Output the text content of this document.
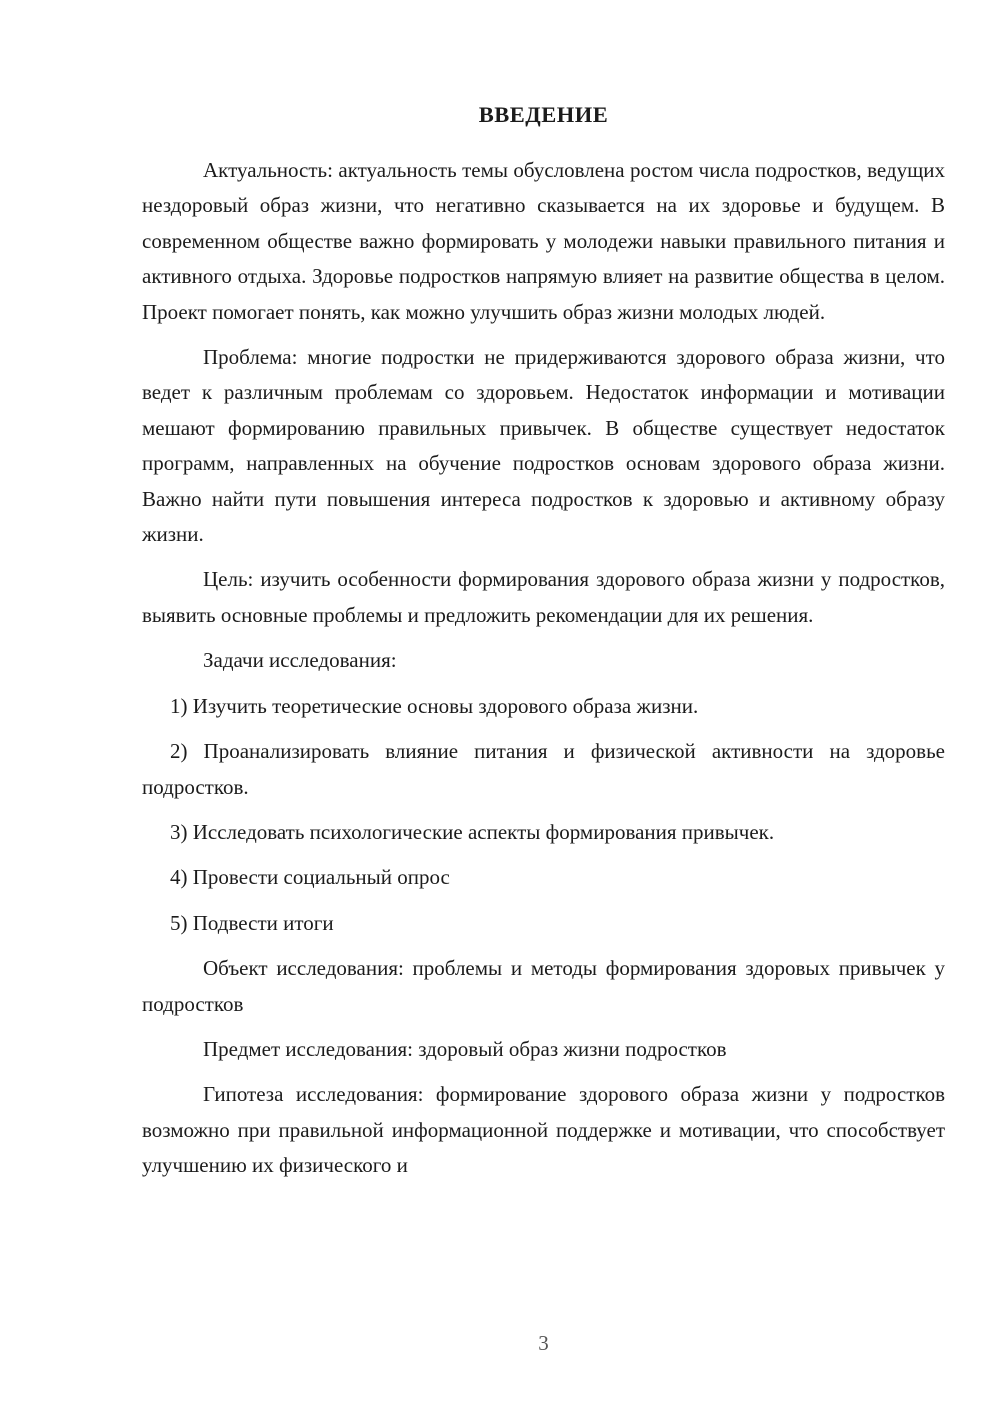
ВВЕДЕНИЕ

Актуальность: актуальность темы обусловлена ростом числа подростков, ведущих нездоровый образ жизни, что негативно сказывается на их здоровье и будущем. В современном обществе важно формировать у молодежи навыки правильного питания и активного отдыха. Здоровье подростков напрямую влияет на развитие общества в целом. Проект помогает понять, как можно улучшить образ жизни молодых людей.

Проблема: многие подростки не придерживаются здорового образа жизни, что ведет к различным проблемам со здоровьем. Недостаток информации и мотивации мешают формированию правильных привычек. В обществе существует недостаток программ, направленных на обучение подростков основам здорового образа жизни. Важно найти пути повышения интереса подростков к здоровью и активному образу жизни.

Цель: изучить особенности формирования здорового образа жизни у подростков, выявить основные проблемы и предложить рекомендации для их решения.

Задачи исследования:

1) Изучить теоретические основы здорового образа жизни.

2) Проанализировать влияние питания и физической активности на здоровье подростков.

3) Исследовать психологические аспекты формирования привычек.

4) Провести социальный опрос

5) Подвести итоги

Объект исследования: проблемы и методы формирования здоровых привычек у подростков

Предмет исследования: здоровый образ жизни подростков

Гипотеза исследования: формирование здорового образа жизни у подростков возможно при правильной информационной поддержке и мотивации, что способствует улучшению их физического и

3
